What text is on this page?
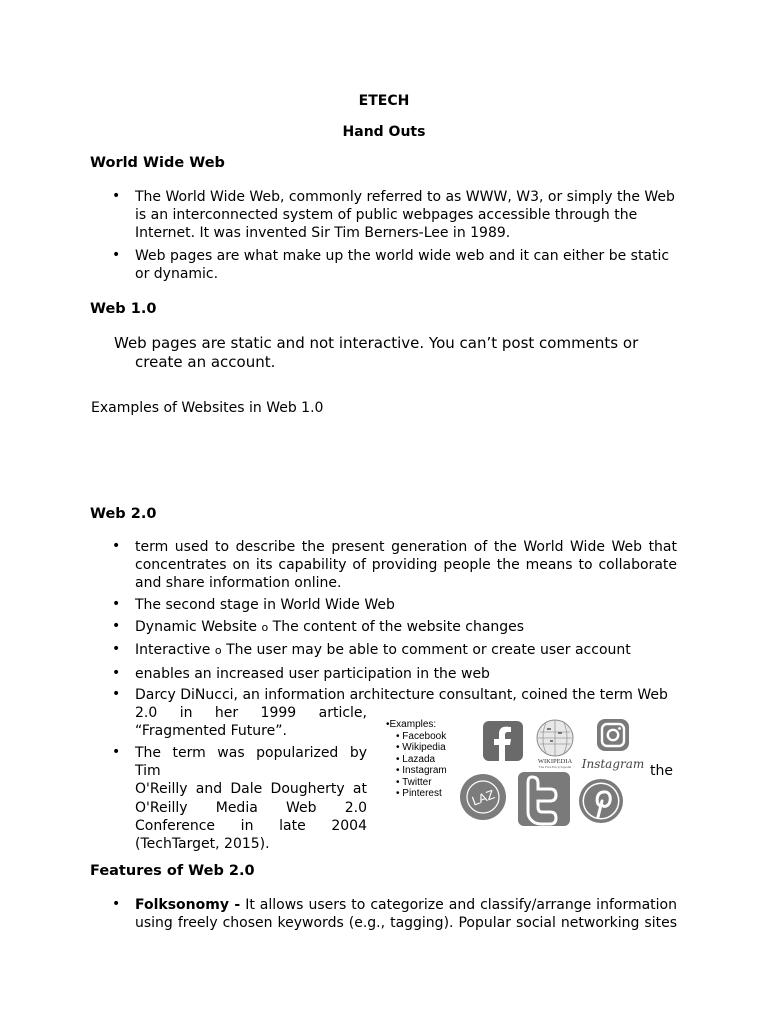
ETECH
Hand Outs
World Wide Web
• The World Wide Web, commonly referred to as WWW, W3, or simply the Web
is an interconnected system of public webpages accessible through the
Internet. It was invented Sir Tim Berners-Lee in 1989.
• Web pages are what make up the world wide web and it can either be static
or dynamic.
Web 1.0
Web pages are static and not interactive. You can’t post comments or
create an account.
Examples of Websites in Web 1.0
Web 2.0
• term used to describe the present generation of the World Wide Web that
concentrates on its capability of providing people the means to collaborate
and share information online.
• The second stage in World Wide Web
• Dynamic Website o The content of the website changes
• Interactive o The user may be able to comment or create user account
• enables an increased user participation in the web
• Darcy DiNucci, an information architecture consultant, coined the term Web
2.0 in her 1999 article,
“Fragmented Future”.
• The term was popularized by Tim
O'Reilly and Dale Dougherty at
O'Reilly Media Web 2.0
Conference in late 2004
(TechTarget, 2015).
the
•Examples:
• Facebook
• Wikipedia
• Lazada
• Instagram
• Twitter
• Pinterest
WIKIPEDIA
The Free Encyclopedia Instagram
LAZ
Features of Web 2.0
• Folksonomy - It allows users to categorize and classify/arrange information
using freely chosen keywords (e.g., tagging). Popular social networking sites
